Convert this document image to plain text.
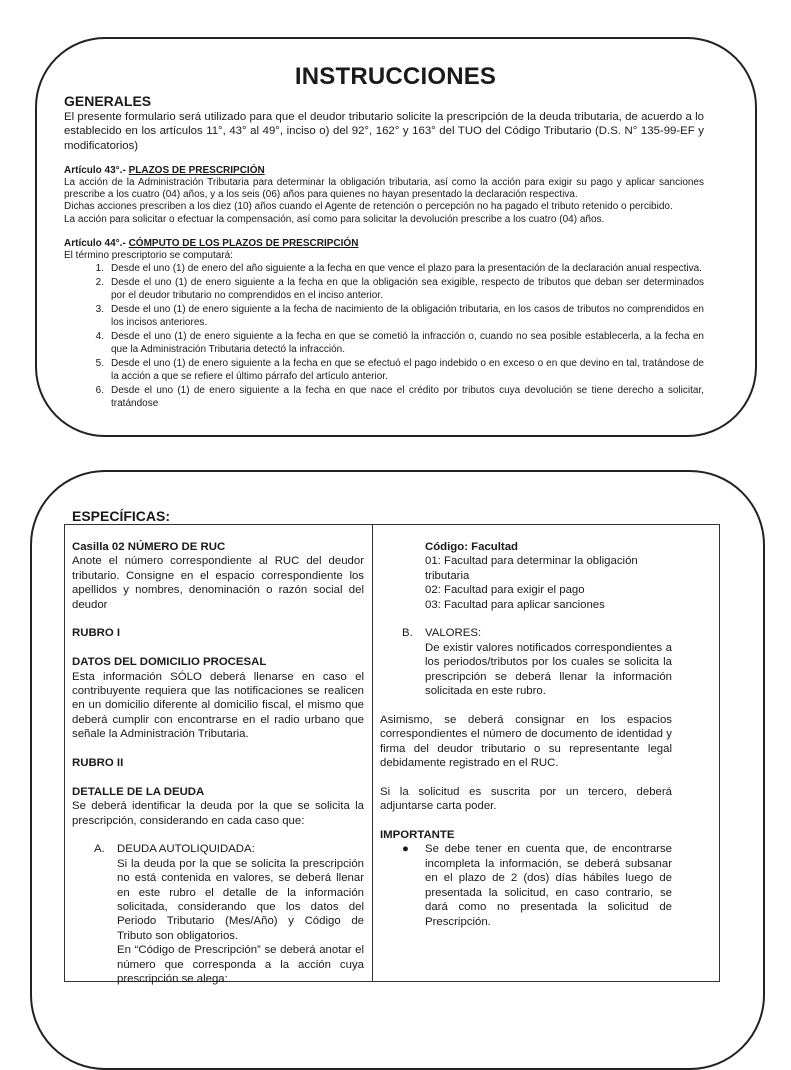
INSTRUCCIONES
GENERALES

El presente formulario será utilizado para que el deudor tributario solicite la prescripción de la deuda tributaria, de acuerdo a lo establecido en los artículos 11°, 43° al 49°, inciso o) del 92°, 162° y 163° del TUO del Código Tributario (D.S. N° 135-99-EF y modificatorios)

Artículo 43°.- PLAZOS DE PRESCRIPCIÓN

La acción de la Administración Tributaria para determinar la obligación tributaria, así como la acción para exigir su pago y aplicar sanciones prescribe a los cuatro (04) años, y a los seis (06) años para quienes no hayan presentado la declaración respectiva.

Dichas acciones prescriben a los diez (10) años cuando el Agente de retención o percepción no ha pagado el tributo retenido o percibido.

La acción para solicitar o efectuar la compensación, así como para solicitar la devolución prescribe a los cuatro (04) años.

Artículo 44°.- CÓMPUTO DE LOS PLAZOS DE PRESCRIPCIÓN
El término prescriptorio se computará:
1. Desde el uno (1) de enero del año siguiente a la fecha en que vence el plazo para la presentación de la declaración anual respectiva.
2. Desde el uno (1) de enero siguiente a la fecha en que la obligación sea exigible, respecto de tributos que deban ser determinados por el deudor tributario no comprendidos en el inciso anterior.
3. Desde el uno (1) de enero siguiente a la fecha de nacimiento de la obligación tributaria, en los casos de tributos no comprendidos en los incisos anteriores.
4. Desde el uno (1) de enero siguiente a la fecha en que se cometió la infracción o, cuando no sea posible establecerla, a la fecha en que la Administración Tributaria detectó la infracción.
5. Desde el uno (1) de enero siguiente a la fecha en que se efectuó el pago indebido o en exceso o en que devino en tal, tratándose de la acción a que se refiere el último párrafo del artículo anterior.
6. Desde el uno (1) de enero siguiente a la fecha en que nace el crédito por tributos cuya devolución se tiene derecho a solicitar, tratándose
ESPECÍFICAS:

Casilla 02 NÚMERO DE RUC

Anote el número correspondiente al RUC del deudor tributario. Consigne en el espacio correspondiente los apellidos y nombres, denominación o razón social del deudor

RUBRO I

DATOS DEL DOMICILIO PROCESAL

Esta información SÓLO deberá llenarse en caso el contribuyente requiera que las notificaciones se realicen en un domicilio diferente al domicilio fiscal, el mismo que deberá cumplir con encontrarse en el radio urbano que señale la Administración Tributaria.

RUBRO II

DETALLE DE LA DEUDA

Se deberá identificar la deuda por la que se solicita la prescripción, considerando en cada caso que:

A. DEUDA AUTOLIQUIDADA:

Si la deuda por la que se solicita la prescripción no está contenida en valores, se deberá llenar en este rubro el detalle de la información solicitada, considerando que los datos del Periodo Tributario (Mes/Año) y Código de Tributo son obligatorios.

En “Código de Prescripción” se deberá anotar el número que corresponda a la acción cuya prescripción se alega:

Código: Facultad

01: Facultad para determinar la obligación tributaria

02: Facultad para exigir el pago

03: Facultad para aplicar sanciones

B. VALORES:

De existir valores notificados correspondientes a los periodos/tributos por los cuales se solicita la prescripción se deberá llenar la información solicitada en este rubro.

Asimismo, se deberá consignar en los espacios correspondientes el número de documento de identidad y firma del deudor tributario o su representante legal debidamente registrado en el RUC.

Si la solicitud es suscrita por un tercero, deberá adjuntarse carta poder.

IMPORTANTE

● Se debe tener en cuenta que, de encontrarse incompleta la información, se deberá subsanar en el plazo de 2 (dos) días hábiles luego de presentada la solicitud, en caso contrario, se dará como no presentada la solicitud de Prescripción.
